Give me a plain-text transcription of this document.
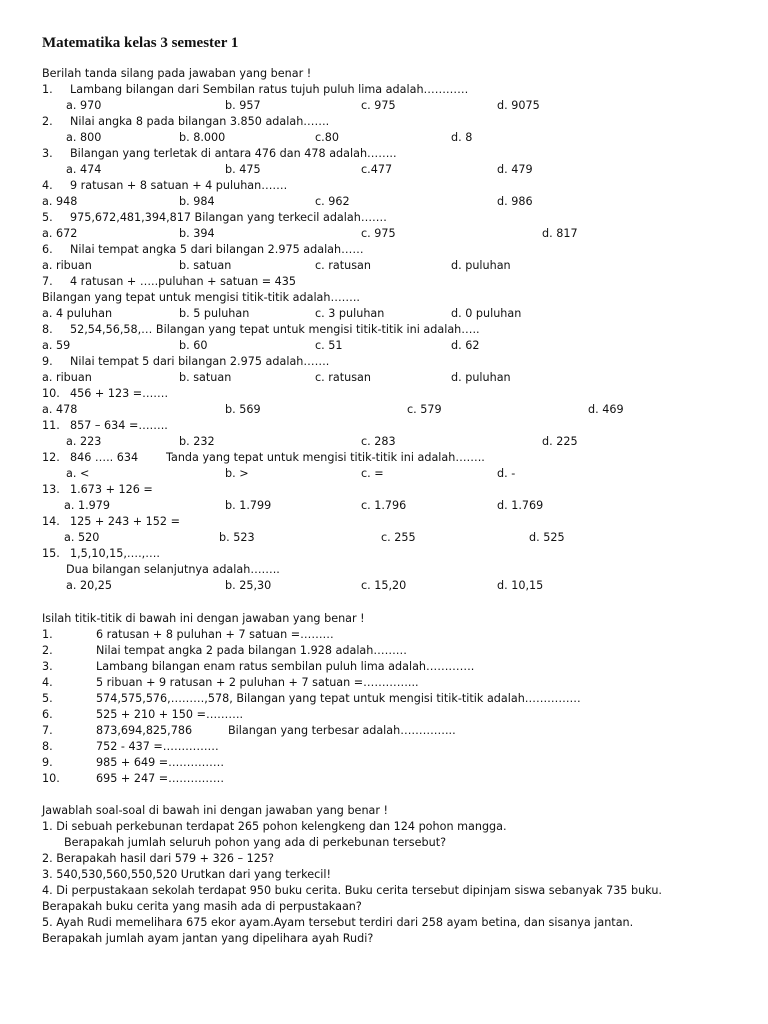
Matematika kelas 3 semester 1
Berilah tanda silang pada jawaban yang benar !
1. Lambang bilangan dari Sembilan ratus tujuh puluh lima adalah…………
a. 970	b. 957	c. 975	d. 9075
2. Nilai angka 8 pada bilangan 3.850 adalah…….
a. 800	b. 8.000	c.80	d. 8
3. Bilangan yang terletak di antara 476 dan 478 adalah……..
a. 474	b. 475	c.477	d. 479
4. 9 ratusan + 8 satuan + 4 puluhan…….
a. 948	b. 984	c. 962	d. 986
5. 975,672,481,394,817 Bilangan yang terkecil adalah…….
a. 672	b. 394	c. 975	d. 817
6. Nilai tempat angka 5 dari bilangan 2.975 adalah……
a. ribuan	b. satuan	c. ratusan	d. puluhan
7. 4 ratusan + …..puluhan + satuan = 435
Bilangan yang tepat untuk mengisi titik-titik adalah……..
a. 4 puluhan	b. 5 puluhan	c. 3 puluhan	d. 0 puluhan
8. 52,54,56,58,… Bilangan yang tepat untuk mengisi titik-titik ini adalah…..
a. 59	b. 60	c. 51	d. 62
9. Nilai tempat 5 dari bilangan 2.975 adalah…….
a. ribuan	b. satuan	c. ratusan	d. puluhan
10. 456 + 123 =…….
a. 478	b. 569	c. 579	d. 469
11. 857 – 634 =……..
a. 223	b. 232	c. 283	d. 225
12. 846 ….. 634 Tanda yang tepat untuk mengisi titik-titik ini adalah……..
a. <	b. >	c. =	d. -
13. 1.673 + 126 =
a. 1.979	b. 1.799	c. 1.796	d. 1.769
14. 125 + 243 + 152 =
a. 520	b. 523	c. 255	d. 525
15. 1,5,10,15,….,….
Dua bilangan selanjutnya adalah……..
a. 20,25	b. 25,30	c. 15,20	d. 10,15
Isilah titik-titik di bawah ini dengan jawaban yang benar !
1.	6 ratusan + 8 puluhan + 7 satuan =………
2.	Nilai tempat angka 2 pada bilangan 1.928 adalah………
3.	Lambang bilangan enam ratus sembilan puluh lima adalah………….
4.	5 ribuan + 9 ratusan + 2 puluhan + 7 satuan =…………...
5.	574,575,576,………,578, Bilangan yang tepat untuk mengisi titik-titik adalah……………
6.	525 + 210 + 150 =……….
7.	873,694,825,786	Bilangan yang terbesar adalah…………...
8.	752 - 437 =……………
9.	985 + 649 =……………
10.	695 + 247 =……………
Jawablah soal-soal di bawah ini dengan jawaban yang benar !
1. Di sebuah perkebunan terdapat 265 pohon kelengkeng dan 124 pohon mangga.
Berapakah jumlah seluruh pohon yang ada di perkebunan tersebut?
2. Berapakah hasil dari 579 + 326 – 125?
3. 540,530,560,550,520 Urutkan dari yang terkecil!
4. Di perpustakaan sekolah terdapat 950 buku cerita. Buku cerita tersebut dipinjam siswa sebanyak 735 buku.
Berapakah buku cerita yang masih ada di perpustakaan?
5. Ayah Rudi memelihara 675 ekor ayam.Ayam tersebut terdiri dari 258 ayam betina, dan sisanya jantan.
Berapakah jumlah ayam jantan yang dipelihara ayah Rudi?
